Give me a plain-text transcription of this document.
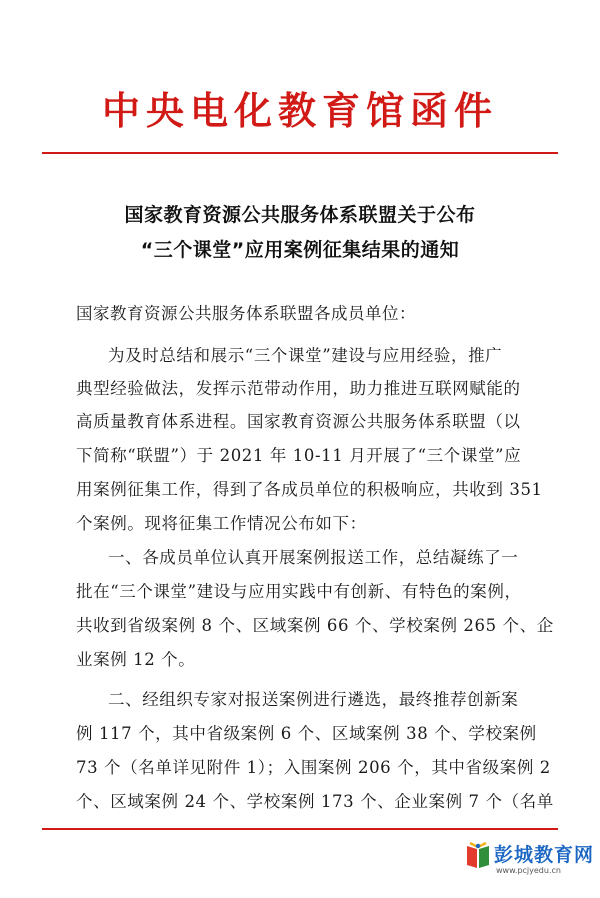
中央电化教育馆函件
国家教育资源公共服务体系联盟关于公布
“三个课堂”应用案例征集结果的通知
国家教育资源公共服务体系联盟各成员单位：
为及时总结和展示“三个课堂”建设与应用经验，推广
典型经验做法，发挥示范带动作用，助力推进互联网赋能的
高质量教育体系进程。国家教育资源公共服务体系联盟（以
下简称“联盟”）于 2021 年 10-11 月开展了“三个课堂”应
用案例征集工作，得到了各成员单位的积极响应，共收到 351
个案例。现将征集工作情况公布如下：
一、各成员单位认真开展案例报送工作，总结凝练了一
批在“三个课堂”建设与应用实践中有创新、有特色的案例，
共收到省级案例 8 个、区域案例 66 个、学校案例 265 个、企
业案例 12 个。
二、经组织专家对报送案例进行遴选，最终推荐创新案
例 117 个，其中省级案例 6 个、区域案例 38 个、学校案例
73 个（名单详见附件 1）；入围案例 206 个，其中省级案例 2
个、区域案例 24 个、学校案例 173 个、企业案例 7 个（名单
彭城教育网
www.pcjyedu.cn
